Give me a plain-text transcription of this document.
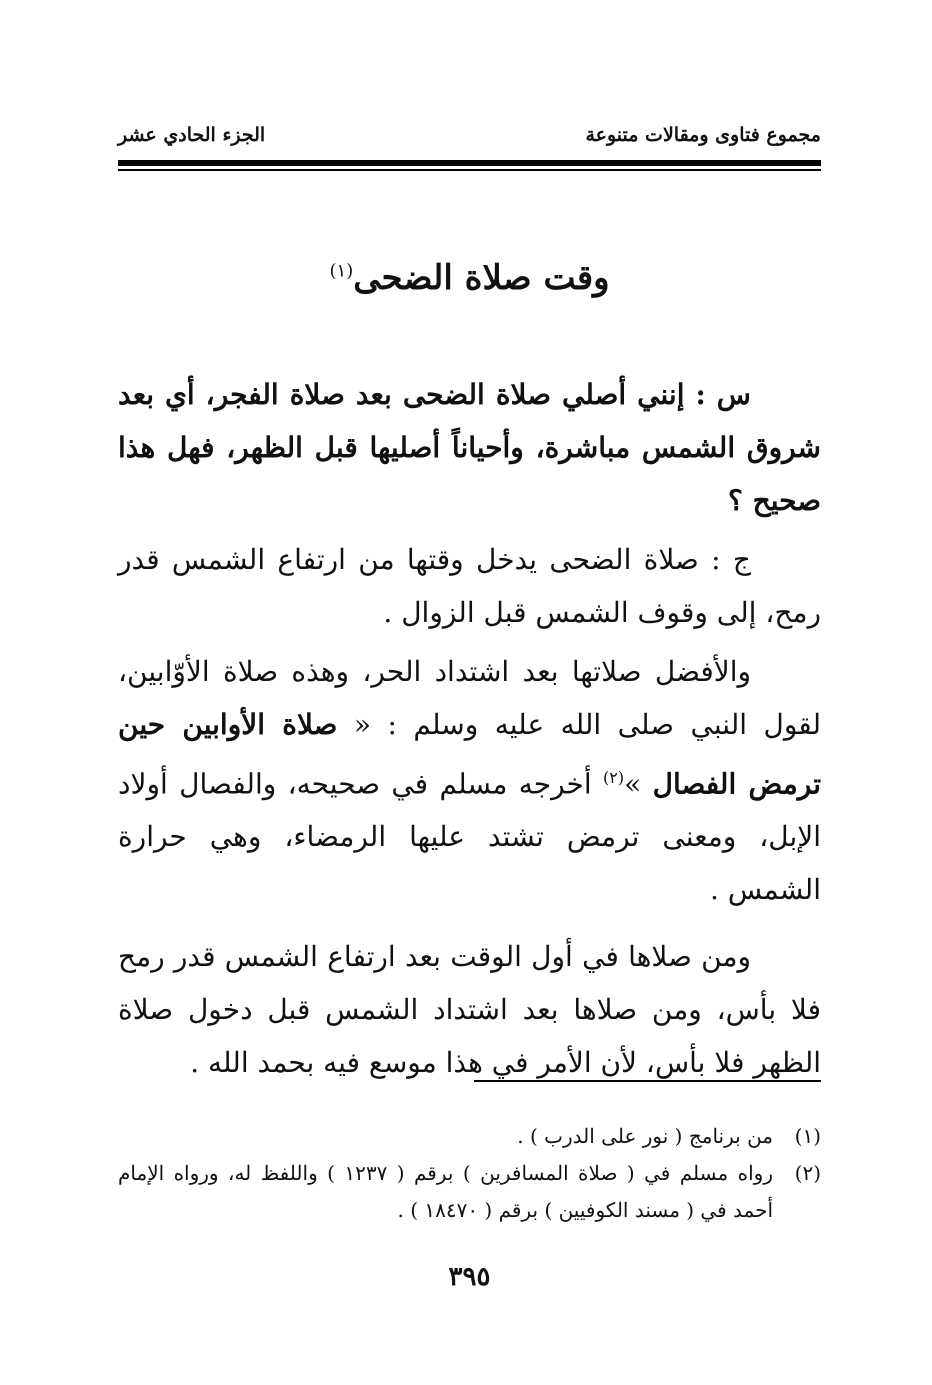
مجموع فتاوى ومقالات متنوعة
الجزء الحادي عشر
وقت صلاة الضحى$^{(١)}$

س : إنني أصلي صلاة الضحى بعد صلاة الفجر، أي بعد شروق الشمس مباشرة، وأحياناً أصليها قبل الظهر، فهل هذا صحيح ؟

ج : صلاة الضحى يدخل وقتها من ارتفاع الشمس قدر رمح، إلى وقوف الشمس قبل الزوال .

والأفضل صلاتها بعد اشتداد الحر، وهذه صلاة الأوّابين، لقول النبي صلى الله عليه وسلم : « صلاة الأوابين حين ترمض الفصال »$^{(٢)}$ أخرجه مسلم في صحيحه، والفصال أولاد الإبل، ومعنى ترمض تشتد عليها الرمضاء، وهي حرارة الشمس .

ومن صلاها في أول الوقت بعد ارتفاع الشمس قدر رمح فلا بأس، ومن صلاها بعد اشتداد الشمس قبل دخول صلاة الظهر فلا بأس، لأن الأمر في هذا موسع فيه بحمد الله .

(١)
من برنامج ( نور على الدرب ) .
(٢)
رواه مسلم في ( صلاة المسافرين ) برقم ( ١٢٣٧ ) واللفظ له، ورواه الإمام أحمد في ( مسند الكوفيين ) برقم ( ١٨٤٧٠ ) .
٣٩٥
